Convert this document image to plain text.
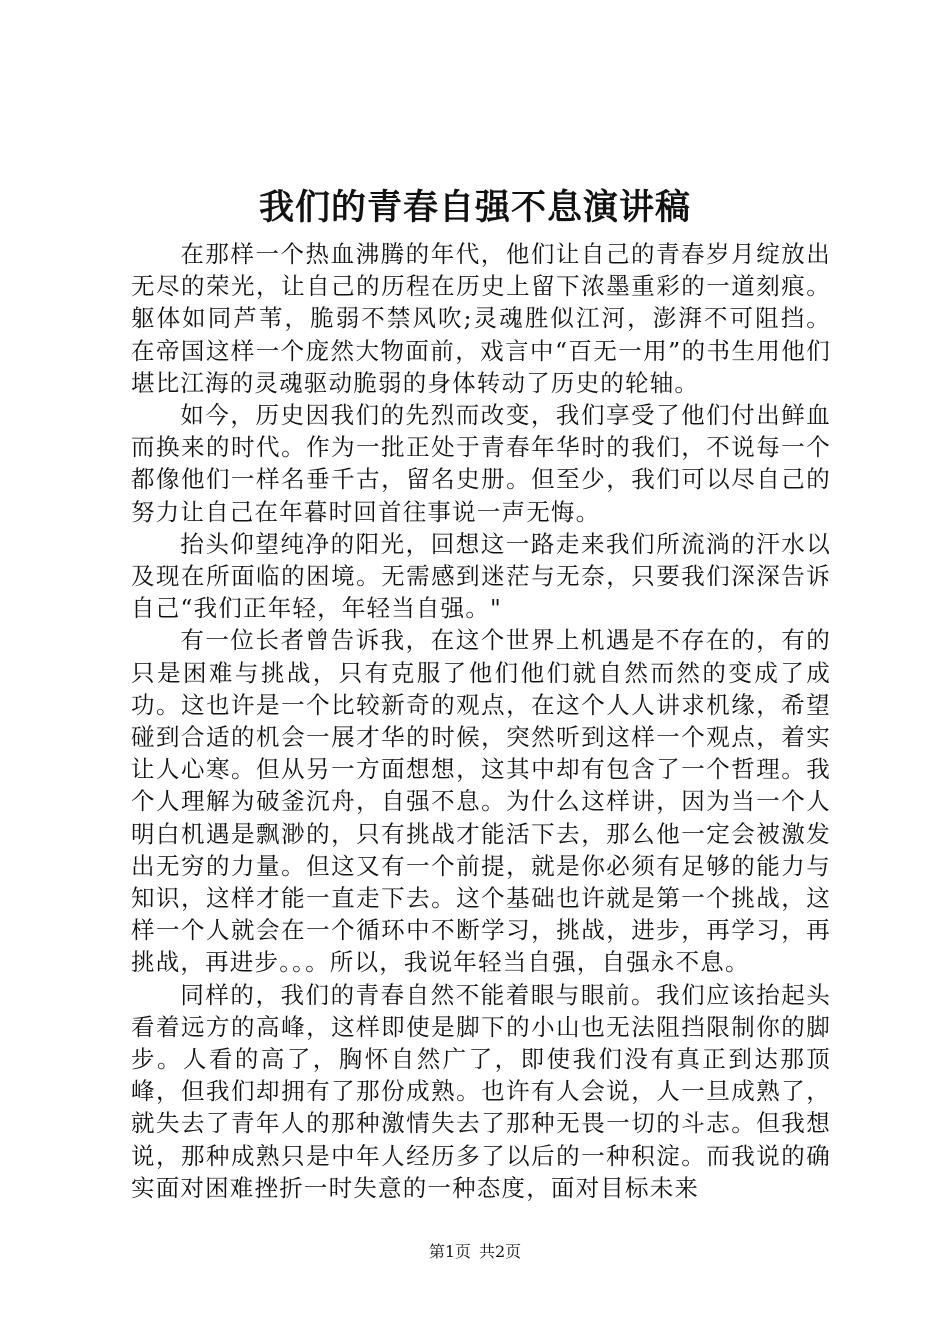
我们的青春自强不息演讲稿

在那样一个热血沸腾的年代，他们让自己的青春岁月绽放出无尽的荣光，让自己的历程在历史上留下浓墨重彩的一道刻痕。躯体如同芦苇，脆弱不禁风吹;灵魂胜似江河，澎湃不可阻挡。在帝国这样一个庞然大物面前，戏言中“百无一用”的书生用他们堪比江海的灵魂驱动脆弱的身体转动了历史的轮轴。

如今，历史因我们的先烈而改变，我们享受了他们付出鲜血而换来的时代。作为一批正处于青春年华时的我们，不说每一个都像他们一样名垂千古，留名史册。但至少，我们可以尽自己的努力让自己在年暮时回首往事说一声无悔。

抬头仰望纯净的阳光，回想这一路走来我们所流淌的汗水以及现在所面临的困境。无需感到迷茫与无奈，只要我们深深告诉自己“我们正年轻，年轻当自强。"

有一位长者曾告诉我，在这个世界上机遇是不存在的，有的只是困难与挑战，只有克服了他们他们就自然而然的变成了成功。这也许是一个比较新奇的观点，在这个人人讲求机缘，希望碰到合适的机会一展才华的时候，突然听到这样一个观点，着实让人心寒。但从另一方面想想，这其中却有包含了一个哲理。我个人理解为破釜沉舟，自强不息。为什么这样讲，因为当一个人明白机遇是飘渺的，只有挑战才能活下去，那么他一定会被激发出无穷的力量。但这又有一个前提，就是你必须有足够的能力与知识，这样才能一直走下去。这个基础也许就是第一个挑战，这样一个人就会在一个循环中不断学习，挑战，进步，再学习，再挑战，再进步。。。所以，我说年轻当自强，自强永不息。

同样的，我们的青春自然不能着眼与眼前。我们应该抬起头看着远方的高峰，这样即使是脚下的小山也无法阻挡限制你的脚步。人看的高了，胸怀自然广了，即使我们没有真正到达那顶峰，但我们却拥有了那份成熟。也许有人会说，人一旦成熟了，就失去了青年人的那种激情失去了那种无畏一切的斗志。但我想说，那种成熟只是中年人经历多了以后的一种积淀。而我说的确实面对困难挫折一时失意的一种态度，面对目标未来

第1页 共2页
